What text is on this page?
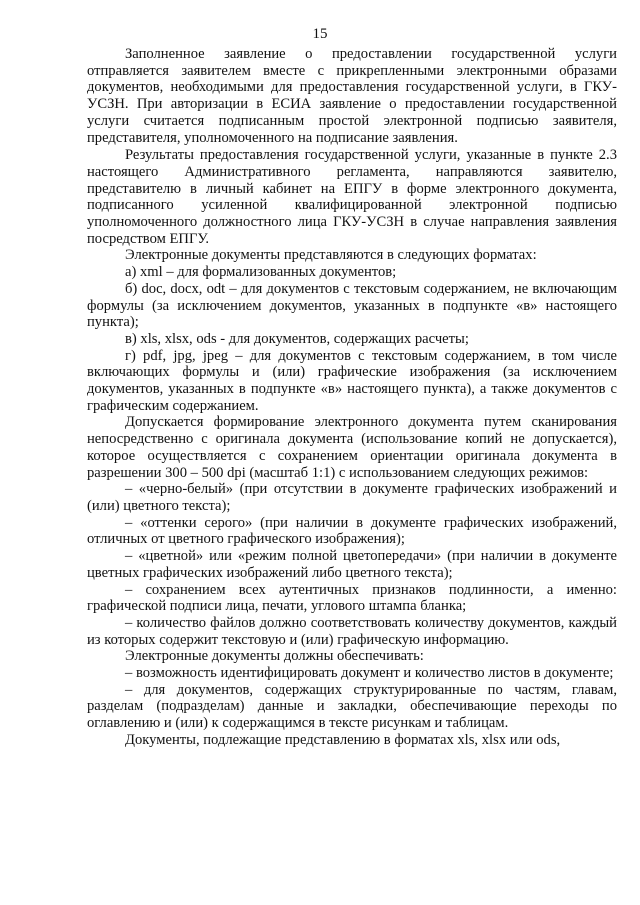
15

Заполненное заявление о предоставлении государственной услуги отправляется заявителем вместе с прикрепленными электронными образами документов, необходимыми для предоставления государственной услуги, в ГКУ-УСЗН. При авторизации в ЕСИА заявление о предоставлении государственной услуги считается подписанным простой электронной подписью заявителя, представителя, уполномоченного на подписание заявления.

Результаты предоставления государственной услуги, указанные в пункте 2.3 настоящего Административного регламента, направляются заявителю, представителю в личный кабинет на ЕПГУ в форме электронного документа, подписанного усиленной квалифицированной электронной подписью уполномоченного должностного лица ГКУ-УСЗН в случае направления заявления посредством ЕПГУ.

Электронные документы представляются в следующих форматах:

а) xml – для формализованных документов;

б) doc, docx, odt – для документов с текстовым содержанием, не включающим формулы (за исключением документов, указанных в подпункте «в» настоящего пункта);

в) xls, xlsx, ods - для документов, содержащих расчеты;

г) pdf, jpg, jpeg – для документов с текстовым содержанием, в том числе включающих формулы и (или) графические изображения (за исключением документов, указанных в подпункте «в» настоящего пункта), а также документов с графическим содержанием.

Допускается формирование электронного документа путем сканирования непосредственно с оригинала документа (использование копий не допускается), которое осуществляется с сохранением ориентации оригинала документа в разрешении 300 – 500 dpi (масштаб 1:1) с использованием следующих режимов:

– «черно-белый» (при отсутствии в документе графических изображений и (или) цветного текста);

– «оттенки серого» (при наличии в документе графических изображений, отличных от цветного графического изображения);

– «цветной» или «режим полной цветопередачи» (при наличии в документе цветных графических изображений либо цветного текста);

– сохранением всех аутентичных признаков подлинности, а именно: графической подписи лица, печати, углового штампа бланка;

– количество файлов должно соответствовать количеству документов, каждый из которых содержит текстовую и (или) графическую информацию.

Электронные документы должны обеспечивать:

– возможность идентифицировать документ и количество листов в документе;

– для документов, содержащих структурированные по частям, главам, разделам (подразделам) данные и закладки, обеспечивающие переходы по оглавлению и (или) к содержащимся в тексте рисункам и таблицам.

Документы, подлежащие представлению в форматах xls, xlsx или ods,
